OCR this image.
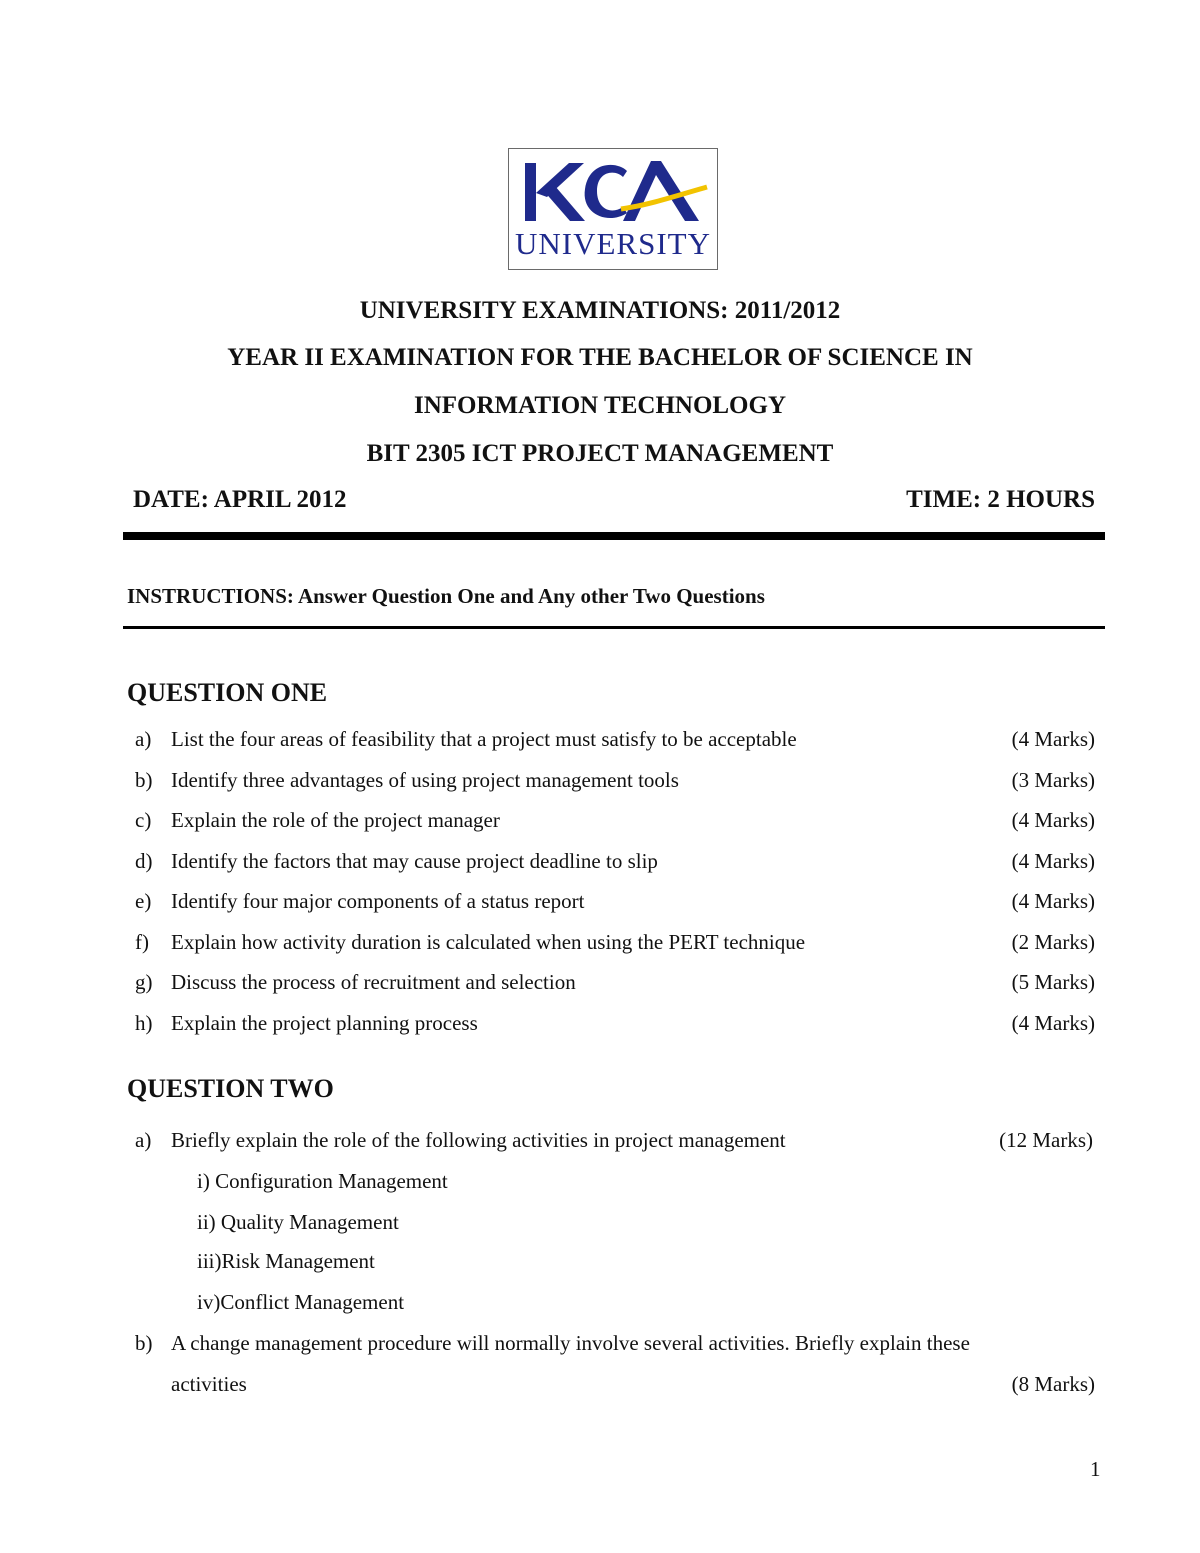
UNIVERSITY
UNIVERSITY EXAMINATIONS: 2011/2012
YEAR II EXAMINATION FOR THE BACHELOR OF SCIENCE IN
INFORMATION TECHNOLOGY
BIT 2305 ICT PROJECT MANAGEMENT
DATE: APRIL 2012	TIME: 2 HOURS
INSTRUCTIONS: Answer Question One and Any other Two Questions
QUESTION ONE
a) List the four areas of feasibility that a project must satisfy to be acceptable	(4 Marks)
b) Identify three advantages of using project management tools	(3 Marks)
c) Explain the role of the project manager	(4 Marks)
d) Identify the factors that may cause project deadline to slip	(4 Marks)
e) Identify four major components of a status report	(4 Marks)
f) Explain how activity duration is calculated when using the PERT technique	(2 Marks)
g) Discuss the process of recruitment and selection	(5 Marks)
h) Explain the project planning process	(4 Marks)
QUESTION TWO
a) Briefly explain the role of the following activities in project management	(12 Marks)
i) Configuration Management
ii) Quality Management
iii)Risk Management
iv)Conflict Management
b) A change management procedure will normally involve several activities. Briefly explain these
activities	(8 Marks)
1
